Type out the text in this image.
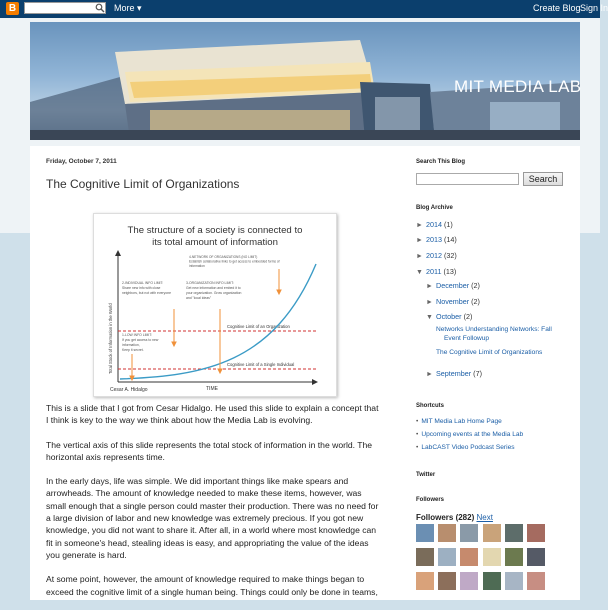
B	More ▾	Create Blog Sign In
MIT MEDIA LAB
Friday, October 7, 2011
The Cognitive Limit of Organizations
The structure of a society is connected to
its total amount of information
Total Stock of Information in the World
TIME
Cesar A. Hidalgo
Cognitive Limit of a Single Individual
Cognitive Limit of an Organization
4-NETWORK OF ORGANIZATIONS (NO LIMIT)
Establish collaborative links to get access to embedded forms of
information
2-INDIVIDUAL INFO LIMIT:
Share new info with close
neighbors, but not with everyone
3-ORGANIZATION INFO LIMIT:
Get new information and embed it to
your organization. Grow organization
and "local ideas"
1-LOW INFO LIMIT:
If you get access to new
information,
Keep it secret.

This is a slide that I got from Cesar Hidalgo. He used this slide to explain a concept that I think is key to the way we think about how the Media Lab is evolving.

The vertical axis of this slide represents the total stock of information in the world. The horizontal axis represents time.

In the early days, life was simple. We did important things like make spears and arrowheads. The amount of knowledge needed to make these items, however, was small enough that a single person could master their production. There was no need for a large division of labor and new knowledge was extremely precious. If you got new knowledge, you did not want to share it. After all, in a world where most knowledge can fit in someone's head, stealing ideas is easy, and appropriating the value of the ideas you generate is hard.

At some point, however, the amount of knowledge required to make things began to exceed the cognitive limit of a single human being. Things could only be done in teams,

Search This Blog
Search
Blog Archive
► 2014 (1)
► 2013 (14)
► 2012 (32)
▼ 2011 (13)
► December (2)
► November (2)
▼ October (2)
Networks Understanding Networks: Fall
Event Followup
The Cognitive Limit of Organizations
► September (7)
Shortcuts
• MIT Media Lab Home Page
• Upcoming events at the Media Lab
• LabCAST Video Podcast Series
Twitter
Followers
Followers (282) Next
